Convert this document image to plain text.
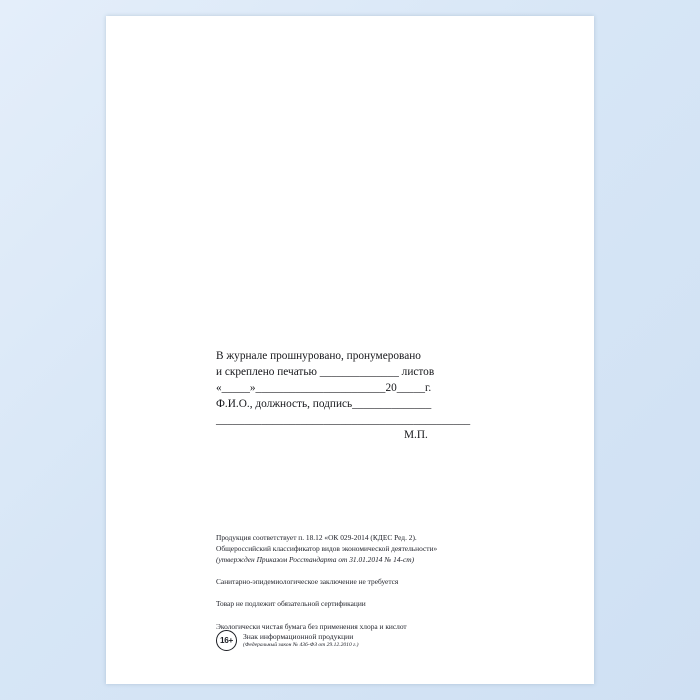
В журнале прошнуровано, пронумеровано
и скреплено печатью ______________ листов
«_____»_______________________20_____г.
Ф.И.О., должность, подпись______________
_____________________________________________
М.П.

Продукция соответствует п. 18.12 «ОК 029-2014 (КДЕС Ред. 2).

Общероссийский классификатор видов экономической деятельности»

(утвержден Приказом Росстандарта от 31.01.2014 № 14-ст)

Санитарно-эпидемиологическое заключение не требуется

Товар не подлежит обязательной сертификации

Экологически чистая бумага без применения хлора и кислот

16+	Знак информационной продукции

(Федеральный закон № 436-ФЗ от 29.12.2010 г.)
